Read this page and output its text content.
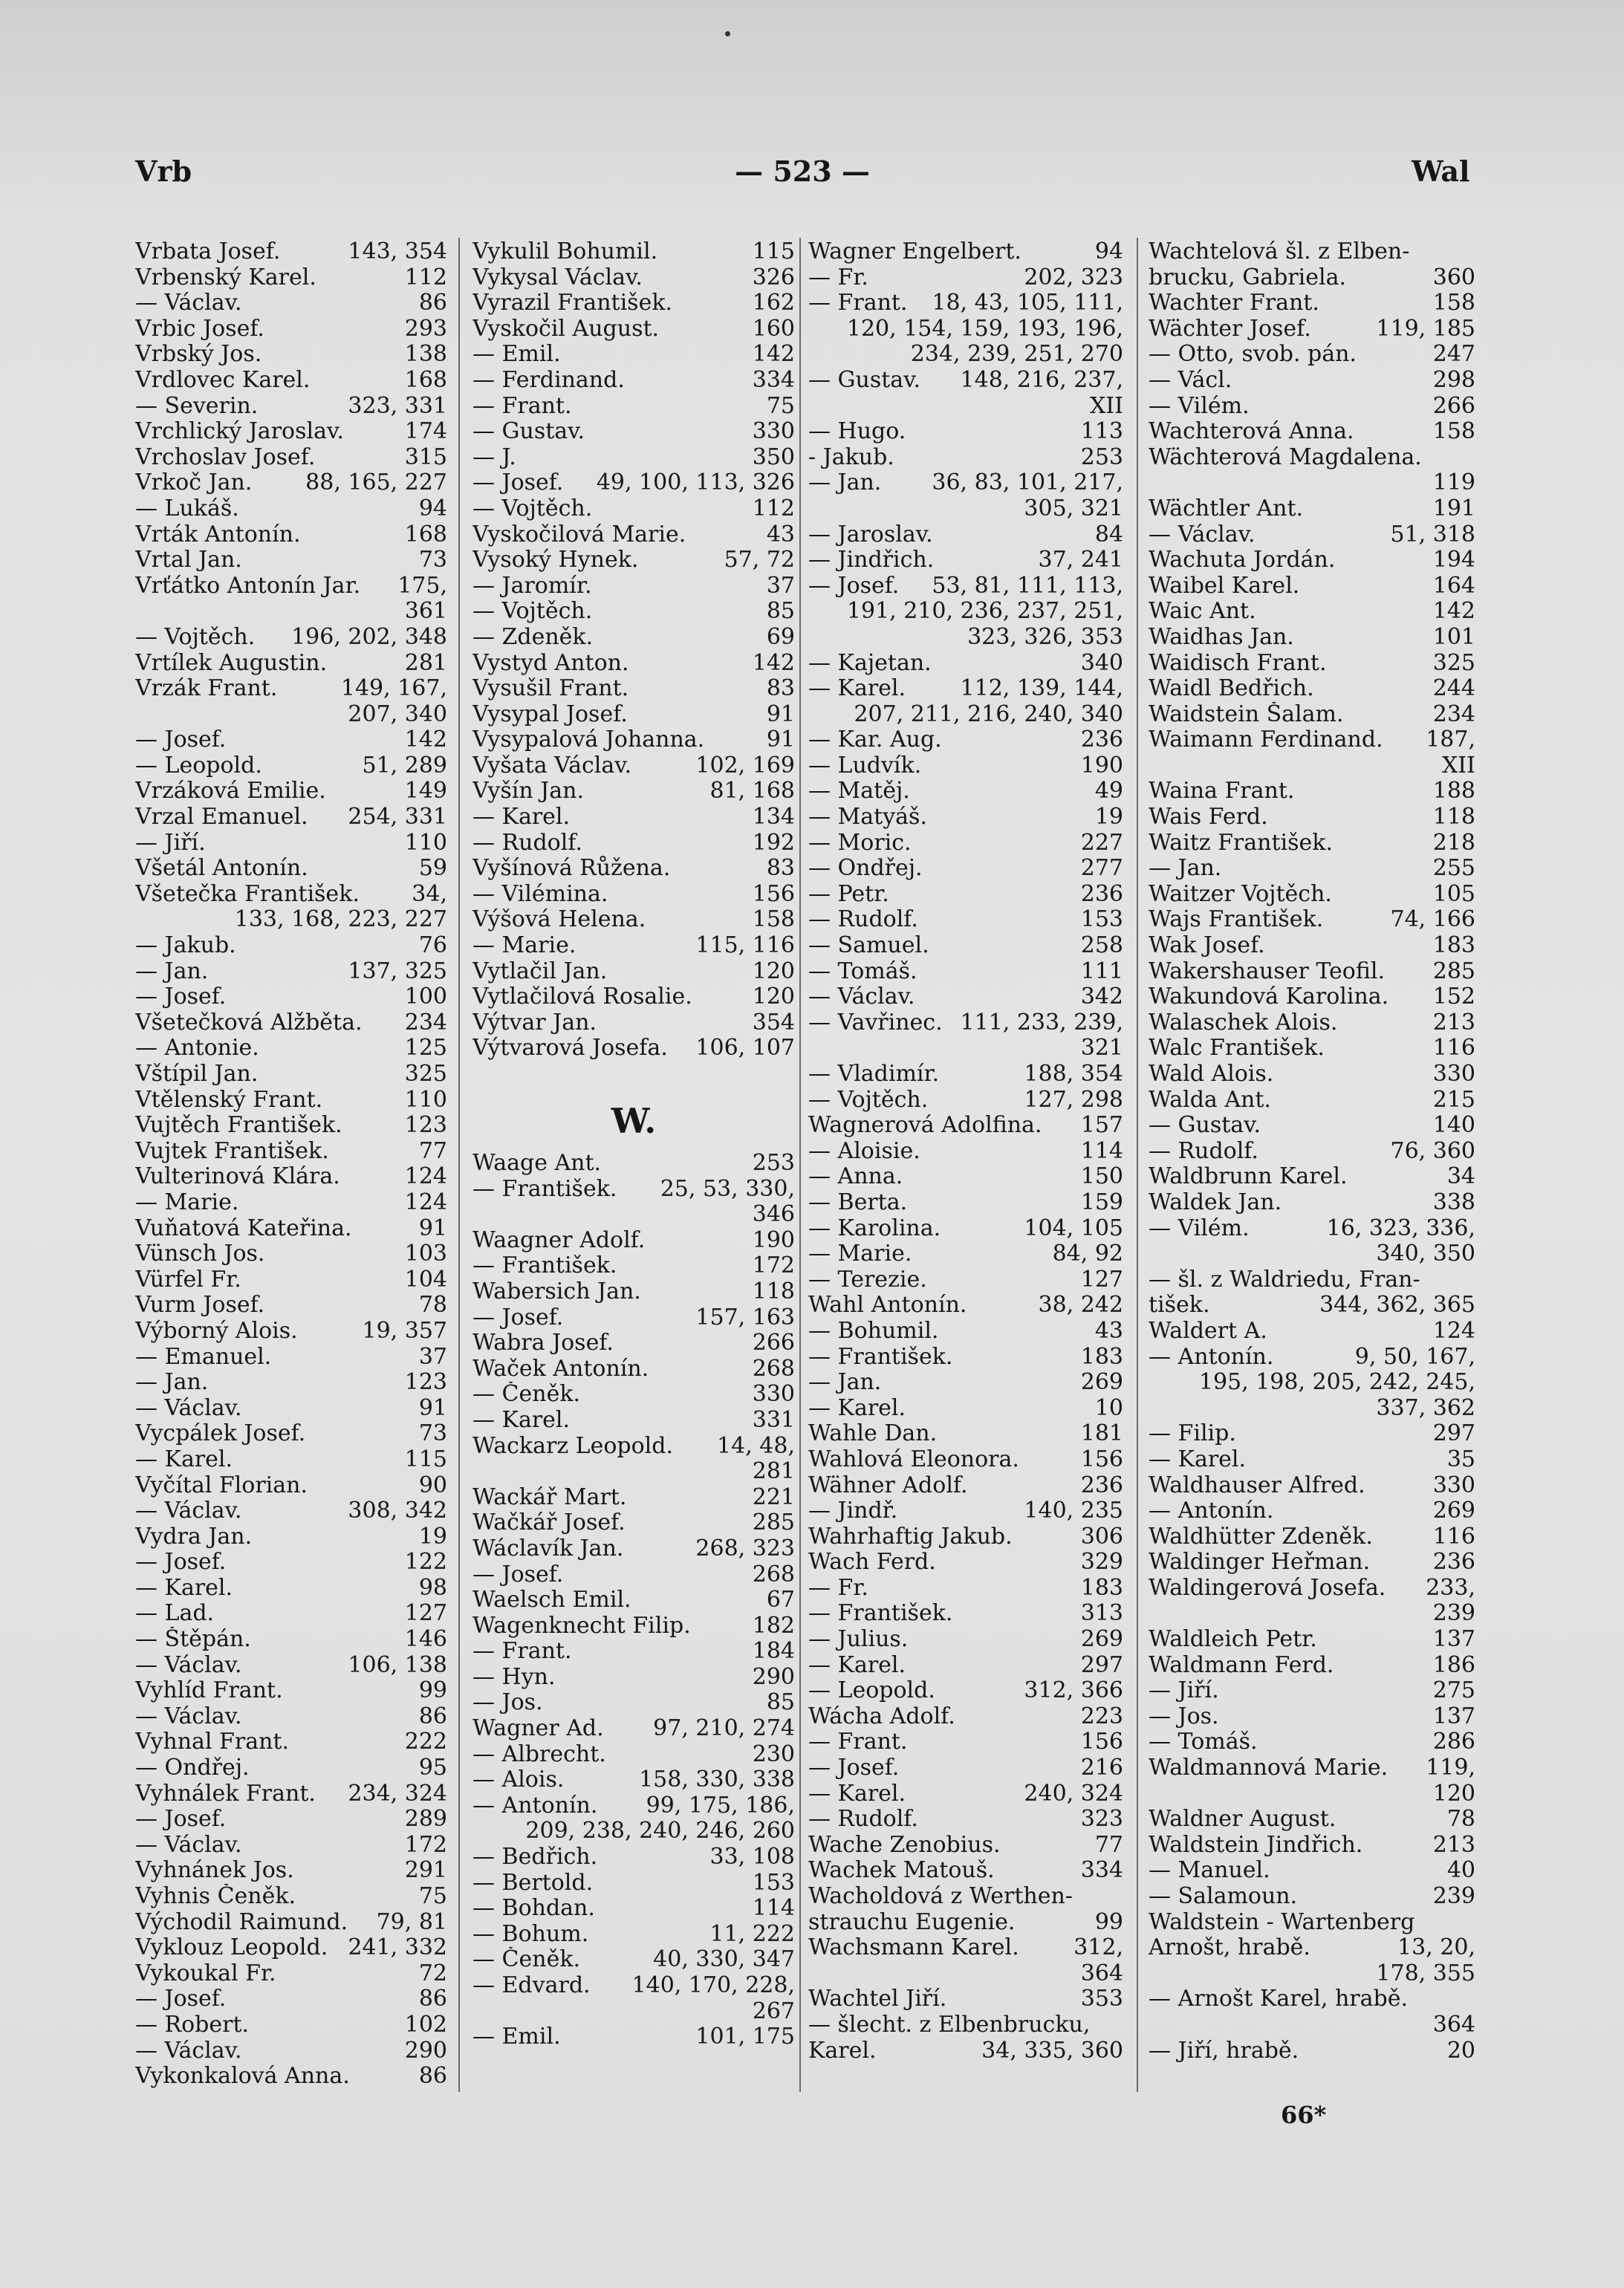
Vrb	— 523 —	Wal
Vrbata Josef.	143, 354
Vrbenský Karel.	112
— Václav.	86
Vrbic Josef.	293
Vrbský Jos.	138
Vrdlovec Karel.	168
— Severin.	323, 331
Vrchlický Jaroslav.	174
Vrchoslav Josef.	315
Vrkoč Jan. 88, 165, 227
— Lukáš.	94
Vrták Antonín.	168
Vrtal Jan.	73
Vrťátko Antonín Jar. 175,
361
— Vojtěch. 196, 202, 348
Vrtílek Augustin.	281
Vrzák Frant.	149, 167,
207, 340
— Josef.	142
— Leopold.	51, 289
Vrzáková Emilie.	149
Vrzal Emanuel. 254, 331
— Jiří.	110
Všetál Antonín.	59
Všetečka František. 34,
133, 168, 223, 227
— Jakub.	76
— Jan.	137, 325
— Josef.	100
Všetečková Alžběta. 234
— Antonie.	125
Vštípil Jan.	325
Vtělenský Frant.	110
Vujtěch František.	123
Vujtek František.	77
Vulterinová Klára.	124
— Marie.	124
Vuňatová Kateřina.	91
Vünsch Jos.	103
Vürfel Fr.	104
Vurm Josef.	78
Výborný Alois.	19, 357
— Emanuel.	37
— Jan.	123
— Václav.	91
Vycpálek Josef.	73
— Karel.	115
Vyčítal Florian.	90
— Václav.	308, 342
Vydra Jan.	19
— Josef.	122
— Karel.	98
— Lad.	127
— Štěpán.	146
— Václav.	106, 138
Vyhlíd Frant.	99
— Václav.	86
Vyhnal Frant.	222
— Ondřej.	95
Vyhnálek Frant. 234, 324
— Josef.	289
— Václav.	172
Vyhnánek Jos.	291
Vyhnis Čeněk.	75
Východil Raimund. 79, 81
Vyklouz Leopold. 241, 332
Vykoukal Fr.	72
— Josef.	86
— Robert.	102
— Václav.	290
Vykonkalová Anna.	86
Vykulil Bohumil.	115
Vykysal Václav.	326
Vyrazil František.	162
Vyskočil August.	160
— Emil.	142
— Ferdinand.	334
— Frant.	75
— Gustav.	330
— J.	350
— Josef. 49, 100, 113, 326
— Vojtěch.	112
Vyskočilová Marie.	43
Vysoký Hynek.	57, 72
— Jaromír.	37
— Vojtěch.	85
— Zdeněk.	69
Vystyd Anton.	142
Vysušil Frant.	83
Vysypal Josef.	91
Vysypalová Johanna.	91
Vyšata Václav.	102, 169
Vyšín Jan.	81, 168
— Karel.	134
— Rudolf.	192
Vyšínová Růžena.	83
— Vilémina.	156
Výšová Helena.	158
— Marie.	115, 116
Vytlačil Jan.	120
Vytlačilová Rosalie.	120
Výtvar Jan.	354
Výtvarová Josefa. 106, 107
W.
Waage Ant.	253
— František. 25, 53, 330,
346
Waagner Adolf.	190
— František.	172
Wabersich Jan.	118
— Josef.	157, 163
Wabra Josef.	266
Waček Antonín.	268
— Čeněk.	330
— Karel.	331
Wackarz Leopold. 14, 48,
281
Wackář Mart.	221
Wačkář Josef.	285
Wáclavík Jan.	268, 323
— Josef.	268
Waelsch Emil.	67
Wagenknecht Filip.	182
— Frant.	184
— Hyn.	290
— Jos.	85
Wagner Ad. 97, 210, 274
— Albrecht.	230
— Alois.	158, 330, 338
— Antonín. 99, 175, 186,
209, 238, 240, 246, 260
— Bedřich.	33, 108
— Bertold.	153
— Bohdan.	114
— Bohum.	11, 222
— Čeněk.	40, 330, 347
— Edvard. 140, 170, 228,
267
— Emil.	101, 175
Wagner Engelbert.	94
— Fr.	202, 323
— Frant. 18, 43, 105, 111,
120, 154, 159, 193, 196,
234, 239, 251, 270
— Gustav. 148, 216, 237,
XII
— Hugo.	113
- Jakub.	253
— Jan. 36, 83, 101, 217,
305, 321
— Jaroslav.	84
— Jindřich.	37, 241
— Josef. 53, 81, 111, 113,
191, 210, 236, 237, 251,
323, 326, 353
— Kajetan.	340
— Karel. 112, 139, 144,
207, 211, 216, 240, 340
— Kar. Aug.	236
— Ludvík.	190
— Matěj.	49
— Matyáš.	19
— Moric.	227
— Ondřej.	277
— Petr.	236
— Rudolf.	153
— Samuel.	258
— Tomáš.	111
— Václav.	342
— Vavřinec. 111, 233, 239,
321
— Vladimír.	188, 354
— Vojtěch.	127, 298
Wagnerová Adolfina. 157
— Aloisie.	114
— Anna.	150
— Berta.	159
— Karolina.	104, 105
— Marie.	84, 92
— Terezie.	127
Wahl Antonín.	38, 242
— Bohumil.	43
— František.	183
— Jan.	269
— Karel.	10
Wahle Dan.	181
Wahlová Eleonora.	156
Wähner Adolf.	236
— Jindř.	140, 235
Wahrhaftig Jakub.	306
Wach Ferd.	329
— Fr.	183
— František.	313
— Julius.	269
— Karel.	297
— Leopold.	312, 366
Wácha Adolf.	223
— Frant.	156
— Josef.	216
— Karel.	240, 324
— Rudolf.	323
Wache Zenobius.	77
Wachek Matouš.	334
Wacholdová z Werthen-
strauchu Eugenie.	99
Wachsmann Karel. 312,
364
Wachtel Jiří.	353
— šlecht. z Elbenbrucku,
Karel.	34, 335, 360
Wachtelová šl. z Elben-
brucku, Gabriela.	360
Wachter Frant.	158
Wächter Josef.	119, 185
— Otto, svob. pán.	247
— Václ.	298
— Vilém.	266
Wachterová Anna.	158
Wächterová Magdalena.
119
Wächtler Ant.	191
— Václav.	51, 318
Wachuta Jordán.	194
Waibel Karel.	164
Waic Ant.	142
Waidhas Jan.	101
Waidisch Frant.	325
Waidl Bedřich.	244
Waidstein Šalam.	234
Waimann Ferdinand. 187,
XII
Waina Frant.	188
Wais Ferd.	118
Waitz František.	218
— Jan.	255
Waitzer Vojtěch.	105
Wajs František.	74, 166
Wak Josef.	183
Wakershauser Teofil. 285
Wakundová Karolina. 152
Walaschek Alois.	213
Walc František.	116
Wald Alois.	330
Walda Ant.	215
— Gustav.	140
— Rudolf.	76, 360
Waldbrunn Karel.	34
Waldek Jan.	338
— Vilém.	16, 323, 336,
340, 350
— šl. z Waldriedu, Fran-
tišek.	344, 362, 365
Waldert A.	124
— Antonín.	9, 50, 167,
195, 198, 205, 242, 245,
337, 362
— Filip.	297
— Karel.	35
Waldhauser Alfred.	330
— Antonín.	269
Waldhütter Zdeněk.	116
Waldinger Heřman.	236
Waldingerová Josefa. 233,
239
Waldleich Petr.	137
Waldmann Ferd.	186
— Jiří.	275
— Jos.	137
— Tomáš.	286
Waldmannová Marie. 119,
120
Waldner August.	78
Waldstein Jindřich.	213
— Manuel.	40
— Salamoun.	239
Waldstein - Wartenberg
Arnošt, hrabě.	13, 20,
178, 355
— Arnošt Karel, hrabě.
364
— Jiří, hrabě.	20
66*
